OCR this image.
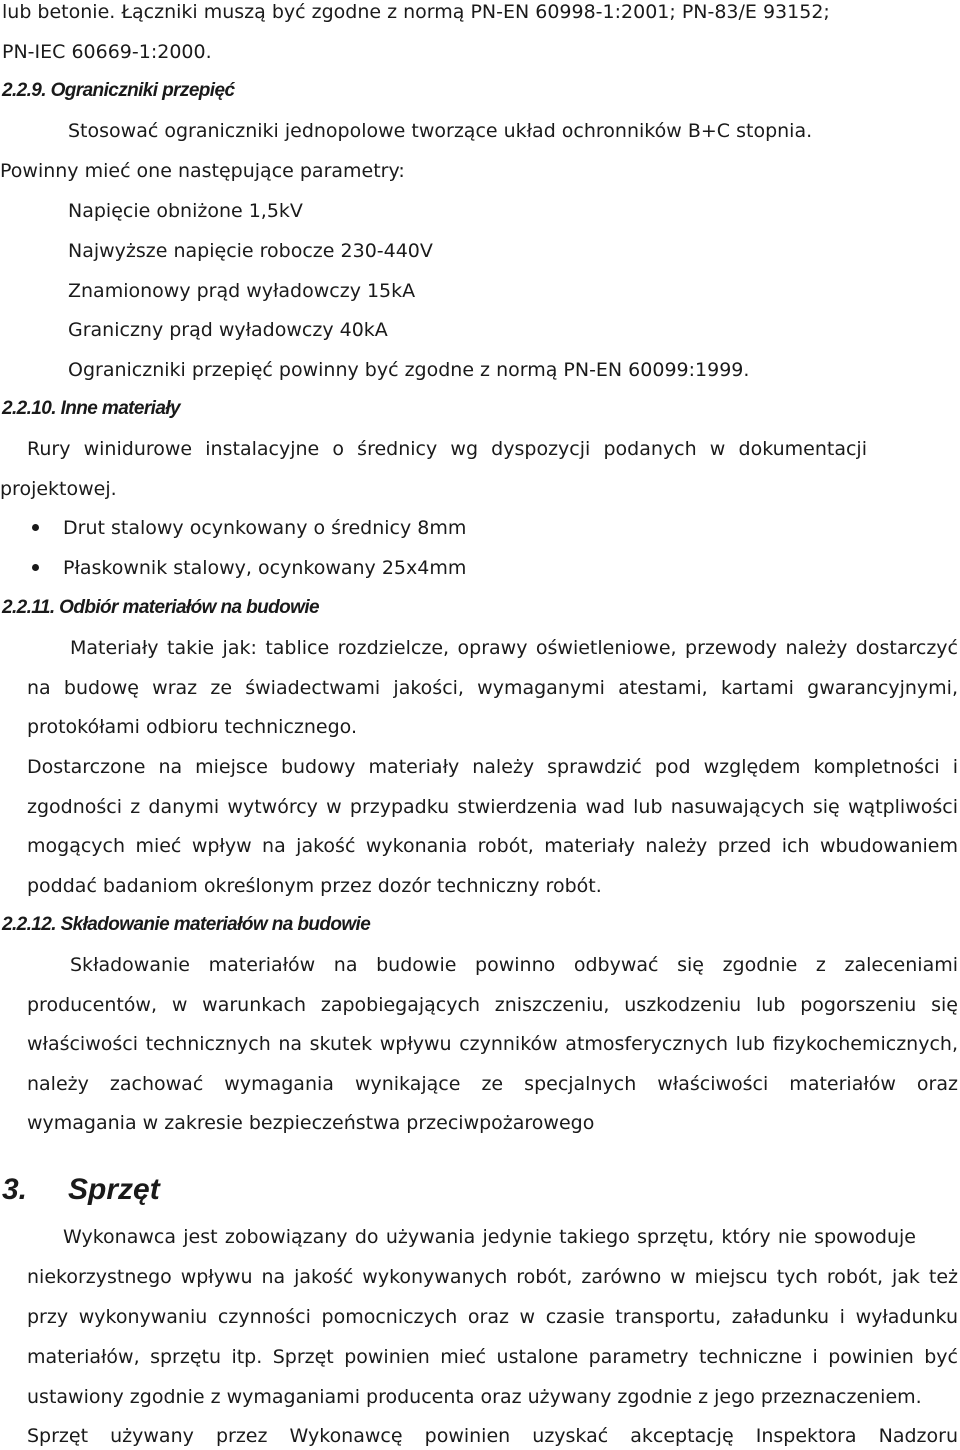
lub betonie. Łączniki muszą być zgodne z normą PN-EN 60998-1:2001; PN-83/E 93152;
PN-IEC 60669-1:2000.
2.2.9. Ograniczniki przepięć
Stosować ograniczniki jednopolowe tworzące układ ochronników B+C stopnia.
Powinny mieć one następujące parametry:
Napięcie obniżone 1,5kV
Najwyższe napięcie robocze 230-440V
Znamionowy prąd wyładowczy 15kA
Graniczny prąd wyładowczy 40kA
Ograniczniki przepięć powinny być zgodne z normą PN-EN 60099:1999.
2.2.10. Inne materiały
Rury winidurowe instalacyjne o średnicy wg dyspozycji podanych w dokumentacji
projektowej.
Drut stalowy ocynkowany o średnicy 8mm
Płaskownik stalowy, ocynkowany 25x4mm
2.2.11. Odbiór materiałów na budowie
Materiały takie jak: tablice rozdzielcze, oprawy oświetleniowe, przewody należy dostarczyć
na budowę wraz ze świadectwami jakości, wymaganymi atestami, kartami gwarancyjnymi,
protokółami odbioru technicznego.
Dostarczone na miejsce budowy materiały należy sprawdzić pod względem kompletności i
zgodności z danymi wytwórcy w przypadku stwierdzenia wad lub nasuwających się wątpliwości
mogących mieć wpływ na jakość wykonania robót, materiały należy przed ich wbudowaniem
poddać badaniom określonym przez dozór techniczny robót.
2.2.12. Składowanie materiałów na budowie
Składowanie materiałów na budowie powinno odbywać się zgodnie z zaleceniami
producentów, w warunkach zapobiegających zniszczeniu, uszkodzeniu lub pogorszeniu się
właściwości technicznych na skutek wpływu czynników atmosferycznych lub fizykochemicznych,
należy zachować wymagania wynikające ze specjalnych właściwości materiałów oraz
wymagania w zakresie bezpieczeństwa przeciwpożarowego
3. Sprzęt
Wykonawca jest zobowiązany do używania jedynie takiego sprzętu, który nie spowoduje
niekorzystnego wpływu na jakość wykonywanych robót, zarówno w miejscu tych robót, jak też
przy wykonywaniu czynności pomocniczych oraz w czasie transportu, załadunku i wyładunku
materiałów, sprzętu itp. Sprzęt powinien mieć ustalone parametry techniczne i powinien być
ustawiony zgodnie z wymaganiami producenta oraz używany zgodnie z jego przeznaczeniem.
Sprzęt używany przez Wykonawcę powinien uzyskać akceptację Inspektora Nadzoru
